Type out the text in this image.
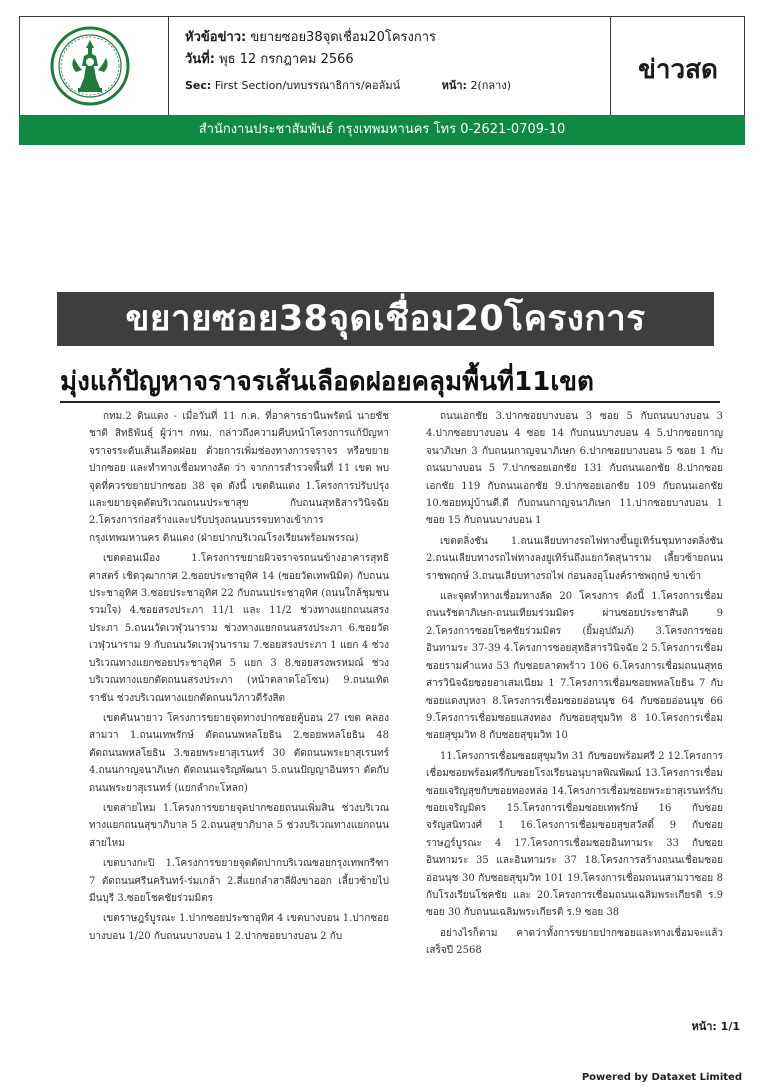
หัวข้อข่าว: ขยายซอย38จุดเชื่อม20โครงการ
วันที่: พุธ 12 กรกฎาคม 2566
Sec: First Section/บทบรรณาธิการ/คอลัมน์	หน้า: 2(กลาง)
ข่าวสด
สำนักงานประชาสัมพันธ์ กรุงเทพมหานคร โทร 0-2621-0709-10
ขยายซอย38จุดเชื่อม20โครงการ
มุ่งแก้ปัญหาจราจรเส้นเลือดฝอยคลุมพื้นที่11เขต

กทม.2 ดินแดง - เมื่อวันที่ 11 ก.ค. ที่อาคารธานีนพรัตน์ นายชัชชาติ สิทธิพันธุ์ ผู้ว่าฯ กทม. กล่าวถึงความคืบหน้าโครงการแก้ปัญหาจราจรระดับเส้นเลือดฝอย ด้วยการเพิ่มช่องทางการจราจร หรือขยายปากซอย และทำทางเชื่อมทางลัด ว่า จากการสำรวจพื้นที่ 11 เขต พบจุดที่ควรขยายปากซอย 38 จุด ดังนี้ เขตดินแดง 1.โครงการปรับปรุงและขยายจุดตัดบริเวณถนนประชาสุข กับถนนสุทธิสารวินิจฉัย 2.โครงการก่อสร้างและปรับปรุงถนนบรรจบทางเข้าการกรุงเทพมหานคร ดินแดง (ฝ่ายปากบริเวณโรงเรียนพร้อมพรรณ)

เขตดอนเมือง 1.โครงการขยายผิวจราจรถนนข้างอาคารสุทธิศาสตร์ เชิดวุฒากาศ 2.ซอยประชาอุทิศ 14 (ซอยวัดเทพนิมิต) กับถนนประชาอุทิศ 3.ซอยประชาอุทิศ 22 กับถนนประชาอุทิศ (ถนนใกล้ชุมชนรวมใจ) 4.ซอยสรงประภา 11/1 และ 11/2 ช่วงทางแยกถนนสรงประภา 5.ถนนวัดเวฬุวนาราม ช่วงทางแยกถนนสรงประภา 6.ซอยวัดเวฬุวนาราม 9 กับถนนวัดเวฬุวนาราม 7.ซอยสรงประภา 1 แยก 4 ช่วงบริเวณทางแยกซอยประชาอุทิศ 5 แยก 3 8.ซอยสรงพรหมณ์ ช่วงบริเวณทางแยกตัดถนนสรงประภา (หน้าตลาดโอโซน) 9.ถนนเทิดราชัน ช่วงบริเวณทางแยกตัดถนนวิภาวดีรังสิต

เขตคันนายาว โครงการขยายจุดทางปากซอยคู้บอน 27 เขต คลองสามวา 1.ถนนเทพรักษ์ ตัดถนนพหลโยธิน 2.ซอยพหลโยธิน 48 ตัดถนนพหลโยธิน 3.ซอยพระยาสุเรนทร์ 30 ตัดถนนพระยาสุเรนทร์ 4.ถนนกาญจนาภิเษก ตัดถนนเจริญพัฒนา 5.ถนนปัญญาอินทรา ตัดกับถนนพระยาสุเรนทร์ (แยกลำกะโหลก)

เขตสายไหม 1.โครงการขยายจุดปากซอยถนนเพิ่มสิน ช่วงบริเวณทางแยกถนนสุขาภิบาล 5 2.ถนนสุขาภิบาล 5 ช่วงบริเวณทางแยกถนนสายไหม

เขตบางกะปิ 1.โครงการขยายจุดตัดปากบริเวณซอยกรุงเทพกรีฑา 7 ตัดถนนศรีนครินทร์-ร่มเกล้า 2.สี่แยกลำสาลีฝั่งขาออก เลี้ยวซ้ายไปมีนบุรี 3.ซอยโชคชัยร่วมมิตร

เขตราษฎร์บูรณะ 1.ปากซอยประชาอุทิศ 4 เขตบางบอน 1.ปากซอยบางบอน 1/20 กับถนนบางบอน 1 2.ปากซอยบางบอน 2 กับ

ถนนเอกชัย 3.ปากซอยบางบอน 3 ซอย 5 กับถนนบางบอน 3 4.ปากซอยบางบอน 4 ซอย 14 กับถนนบางบอน 4 5.ปากซอยกาญจนาภิเษก 3 กับถนนกาญจนาภิเษก 6.ปากซอยบางบอน 5 ซอย 1 กับถนนบางบอน 5 7.ปากซอยเอกชัย 131 กับถนนเอกชัย 8.ปากซอยเอกชัย 119 กับถนนเอกชัย 9.ปากซอยเอกชัย 109 กับถนนเอกชัย 10.ซอยหมู่บ้านดี.ดี กับถนนกาญจนาภิเษก 11.ปากซอยบางบอน 1 ซอย 15 กับถนนบางบอน 1

เขตตลิ่งชัน 1.ถนนเลียบทางรถไฟทางขึ้นยูเทิร์นชุมทางตลิ่งชัน 2.ถนนเลียบทางรถไฟทางลงยูเทิร์นถึงแยกวัดสุนาราม เลี้ยวซ้ายถนนราชพฤกษ์ 3.ถนนเลียบทางรถไฟ ก่อนลงอุโมงค์ราชพฤกษ์ ขาเข้า

และจุดทำทางเชื่อมทางลัด 20 โครงการ ดังนี้ 1.โครงการเชื่อมถนนรัชดาภิเษก-ถนนเทียมร่วมมิตร ผ่านซอยประชาสันติ 9 2.โครงการซอยโชคชัยร่วมมิตร (ยิ้มอุปถัมภ์) 3.โครงการซอยอินทามระ 37-39 4.โครงการซอยสุทธิสารวินิจฉัย 2 5.โครงการเชื่อมซอยรามคำแหง 53 กับซอยลาดพร้าว 106 6.โครงการเชื่อมถนนสุทธสารวินิจฉัยซอยอาเสมเนียม 1 7.โครงการเชื่อมซอยพหลโยธิน 7 กับซอยแดงบุหงา 8.โครงการเชื่อมซอยอ่อนนุช 64 กับซอยอ่อนนุช 66 9.โครงการเชื่อมซอยแสงทอง กับซอยสุขุมวิท 8 10.โครงการเชื่อมซอยสุขุมวิท 8 กับซอยสุขุมวิท 10

11.โครงการเชื่อมซอยสุขุมวิท 31 กับซอยพร้อมศรี 2 12.โครงการเชื่อมซอยพร้อมศรีกับซอยโรงเรียนอนุบาลพิณพัฒน์ 13.โครงการเชื่อมซอยเจริญสุขกับซอยทองหล่อ 14.โครงการเชื่อมซอยพระยาสุเรนทร์กับซอยเจริญมิตร 15.โครงการเชื่อมซอยเทพรักษ์ 16 กับซอยจรัญสนิทวงศ์ 1 16.โครงการเชื่อมซอยสุขสวัสดิ์ 9 กับซอยราษฎร์บูรณะ 4 17.โครงการเชื่อมซอยอินทามระ 33 กับซอยอินทามระ 35 และอินทามระ 37 18.โครงการสร้างถนนเชื่อมซอยอ่อนนุช 30 กับซอยสุขุมวิท 101 19.โครงการเชื่อมถนนสามวาซอย 8 กับโรงเรียนโชคชัย และ 20.โครงการเชื่อมถนนเฉลิมพระเกียรติ ร.9 ซอย 30 กับถนนเฉลิมพระเกียรติ ร.9 ซอย 38

อย่างไรก็ตาม คาดว่าทั้งการขยายปากซอยและทางเชื่อมจะแล้วเสร็จปี 2568

หน้า: 1/1
Powered by Dataxet Limited
